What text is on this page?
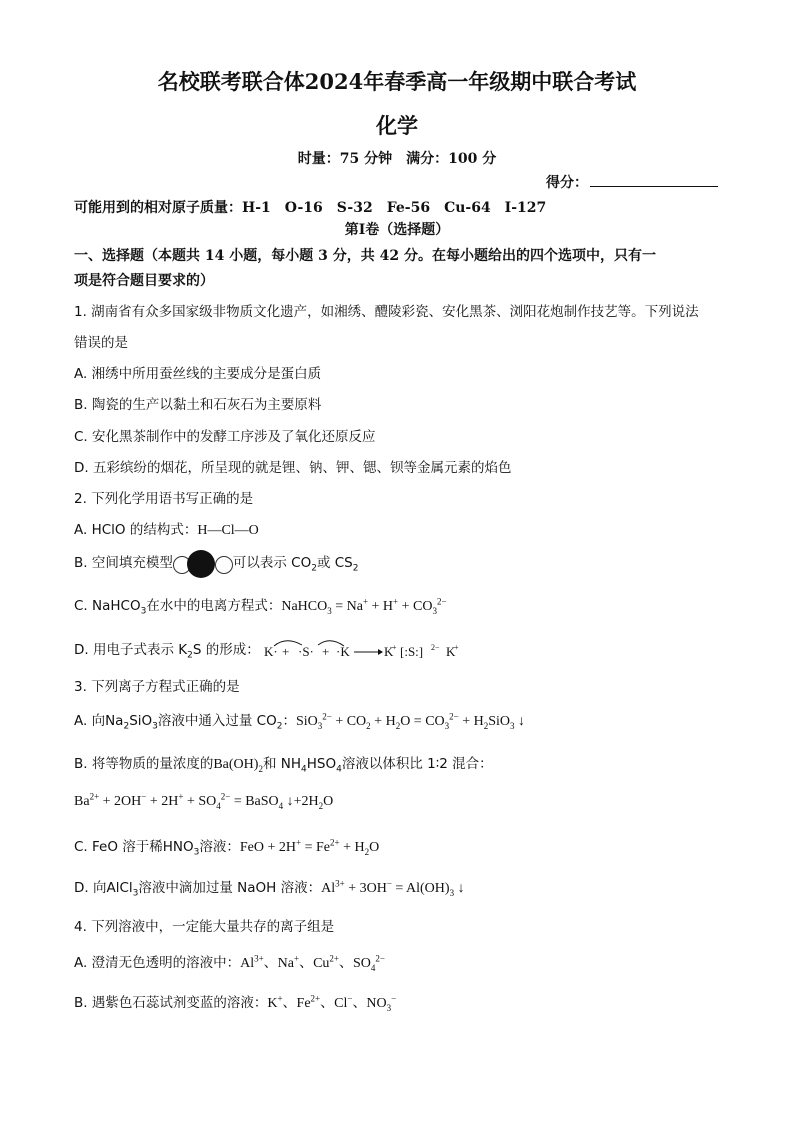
名校联考联合体2024年春季高一年级期中联合考试
化学
时量：75 分钟　满分：100 分
得分：
可能用到的相对原子质量：H-1　O-16　S-32　Fe-56　Cu-64　I-127
第Ⅰ卷（选择题）
一、选择题（本题共 14 小题，每小题 3 分，共 42 分。在每小题给出的四个选项中，只有一
项是符合题目要求的）
1. 湖南省有众多国家级非物质文化遗产，如湘绣、醴陵彩瓷、安化黑茶、浏阳花炮制作技艺等。下列说法
错误的是
A. 湘绣中所用蚕丝线的主要成分是蛋白质
B. 陶瓷的生产以黏土和石灰石为主要原料
C. 安化黑茶制作中的发酵工序涉及了氧化还原反应
D. 五彩缤纷的烟花，所呈现的就是锂、钠、钾、锶、钡等金属元素的焰色
2. 下列化学用语书写正确的是
A. HClO 的结构式：H—Cl—O
B. 空间填充模型	可以表示 $CO_2$或 $CS_2$
C. NaHCO$_3$在水中的电离方程式：NaHCO$_3$ = $Na^+ + H^+ + CO_3^{2-}$
D. 用电子式表示 $K_2S$ 的形成： K· + ·S· + ·K	K
+ [:S:] 2− K
+
3. 下列离子方程式正确的是
A. 向$Na_2SiO_3$溶液中通入过量 $CO_2$：$SiO_3^{2-} + CO_2 + H_2O = CO_3^{2-} + H_2SiO_3$ ↓
B. 将等物质的量浓度的$Ba(OH)_2$和 $NH_4HSO_4$溶液以体积比 1∶2 混合：
$Ba^{2+} + 2OH^- + 2H^+ + SO_4^{2-}$ = BaSO$_4$ $↓+2H_2O$
C. FeO 溶于稀$HNO_3$溶液：FeO + $2H^+ = Fe^{2+} + H_2O$
D. 向AlCl$_3$溶液中滴加过量 NaOH 溶液：$Al^{3+} + 3OH^- = Al(OH)_3$ ↓
4. 下列溶液中，一定能大量共存的离子组是
A. 澄清无色透明的溶液中：$Al^{3+}$、Na+、$Cu^{2+}$、$SO_4^{2-}$
B. 遇紫色石蕊试剂变蓝的溶液：K+、$Fe^{2+}$、Cl−、$NO_3^-$
